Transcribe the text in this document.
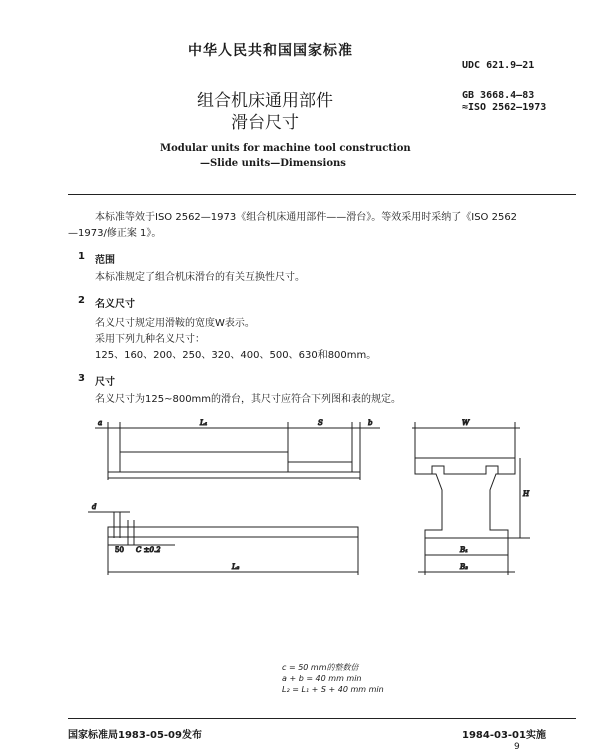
中华人民共和国国家标准
UDC 621.9—21
GB 3668.4—83
≈ISO 2562—1973
组合机床通用部件
滑台尺寸
Modular units for machine tool construction
—Slide units—Dimensions
本标准等效于ISO 2562—1973《组合机床通用部件——滑台》。等效采用时采纳了《ISO 2562
—1973/修正案 1》。
1 范围
本标准规定了组合机床滑台的有关互换性尺寸。
2 名义尺寸
名义尺寸规定用滑鞍的宽度W表示。
采用下列九种名义尺寸：
125、160、200、250、320、400、500、630和800mm。
3 尺寸
名义尺寸为125~800mm的滑台，其尺寸应符合下列图和表的规定。
a	L₁	S	b
d
50 C ±0.2
L₂
W
H
B₁
B₂
c = 50 mm的整数倍
a + b = 40 mm min
L₂ = L₁ + S + 40 mm min
国家标准局1983-05-09发布	1984-03-01实施
9
